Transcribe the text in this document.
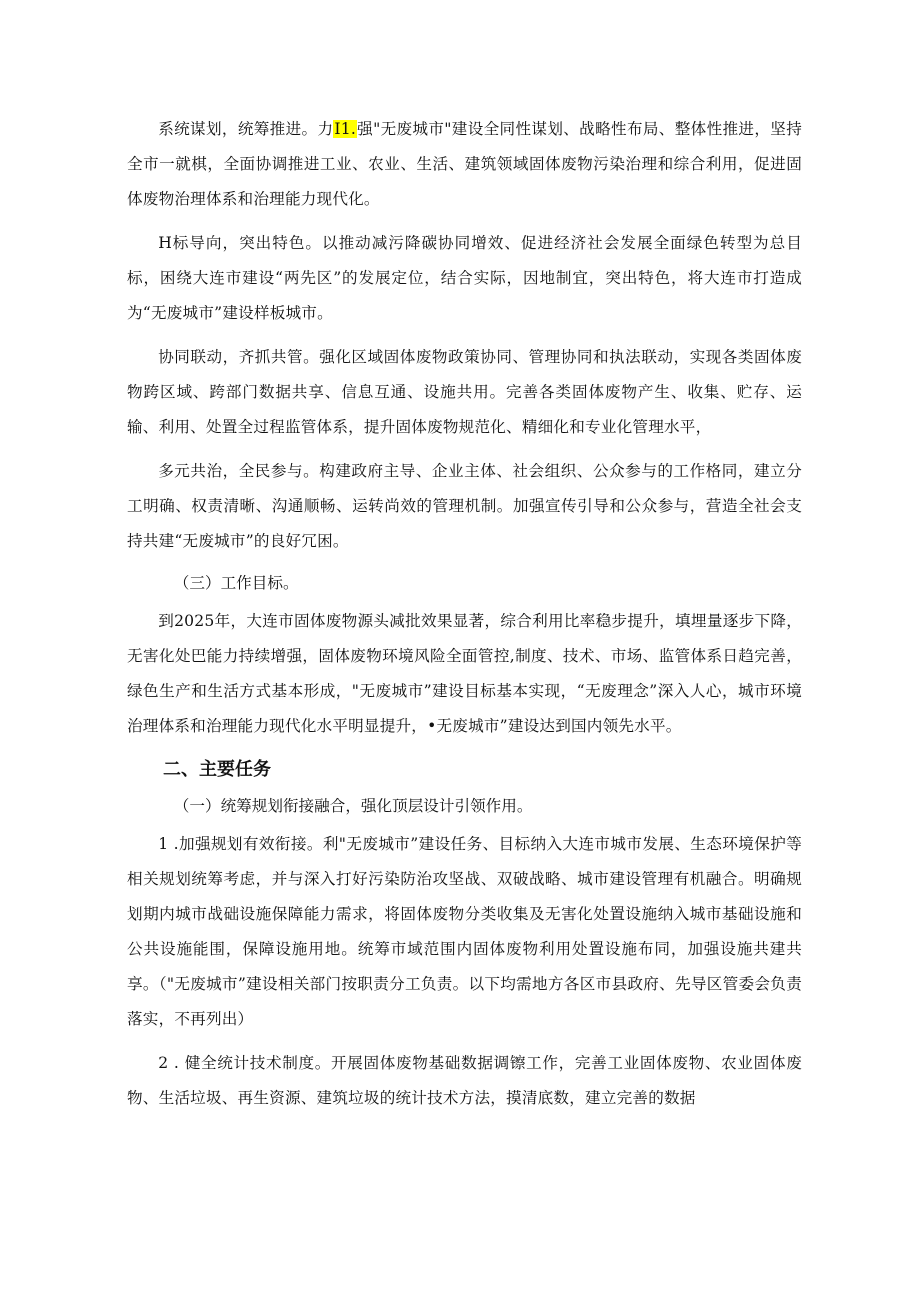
系统谋划，统筹推进。力I1.强"无废城市"建设全同性谋划、战略性布局、整体性推进，坚持全市一就棋，全面协调推进工业、农业、生活、建筑领域固体废物污染治理和综合利用，促进固体废物治理体系和治理能力现代化。

H标导向，突出特色。以推动减污降碳协同增效、促进经济社会发展全面绿色转型为总目标，困绕大连市建设“两先区”的发展定位，结合实际，因地制宜，突出特色，将大连市打造成为“无废城市”建设样板城市。

协同联动，齐抓共管。强化区域固体废物政策协同、管理协同和执法联动，实现各类固体废物跨区域、跨部门数据共享、信息互通、设施共用。完善各类固体废物产生、收集、贮存、运输、利用、处置全过程监管体系，提升固体废物规范化、精细化和专业化管理水平，

多元共治，全民参与。构建政府主导、企业主体、社会组织、公众参与的工作格同，建立分工明确、权责清晰、沟通顺畅、运转尚效的管理机制。加强宣传引导和公众参与，营造全社会支持共建“无废城市”的良好冗困。

（三）工作目标。

到2025年，大连市固体废物源头减批效果显著，综合利用比率稳步提升，填埋量逐步下降，无害化处巴能力持续增强，固体废物环境风险全面管控,制度、技术、市场、监管体系日趋完善，绿色生产和生活方式基本形成，"无废城市”建设目标基本实现，“无废理念”深入人心，城市环境治理体系和治理能力现代化水平明显提升，•无废城市”建设达到国内领先水平。

二、主要任务

（一）统筹规划衔接融合，强化顶层设计引领作用。

1 .加强规划有效衔接。利"无废城市”建设任务、目标纳入大连市城市发展、生态环境保护等相关规划统筹考虑，并与深入打好污染防治攻坚战、双破战略、城市建设管理有机融合。明确规划期内城市战础设施保障能力需求，将固体废物分类收集及无害化处置设施纳入城市基础设施和公共设施能围，保障设施用地。统筹市域范围内固体废物利用处置设施布同，加强设施共建共享。（"无废城市”建设相关部门按职责分工负责。以下均需地方各区市县政府、先导区管委会负责落实，不再列出）

2 . 健全统计技术制度。开展固体废物基础数据调镲工作，完善工业固体废物、农业固体废物、生活垃圾、再生资源、建筑垃圾的统计技术方法，摸清底数，建立完善的数据
